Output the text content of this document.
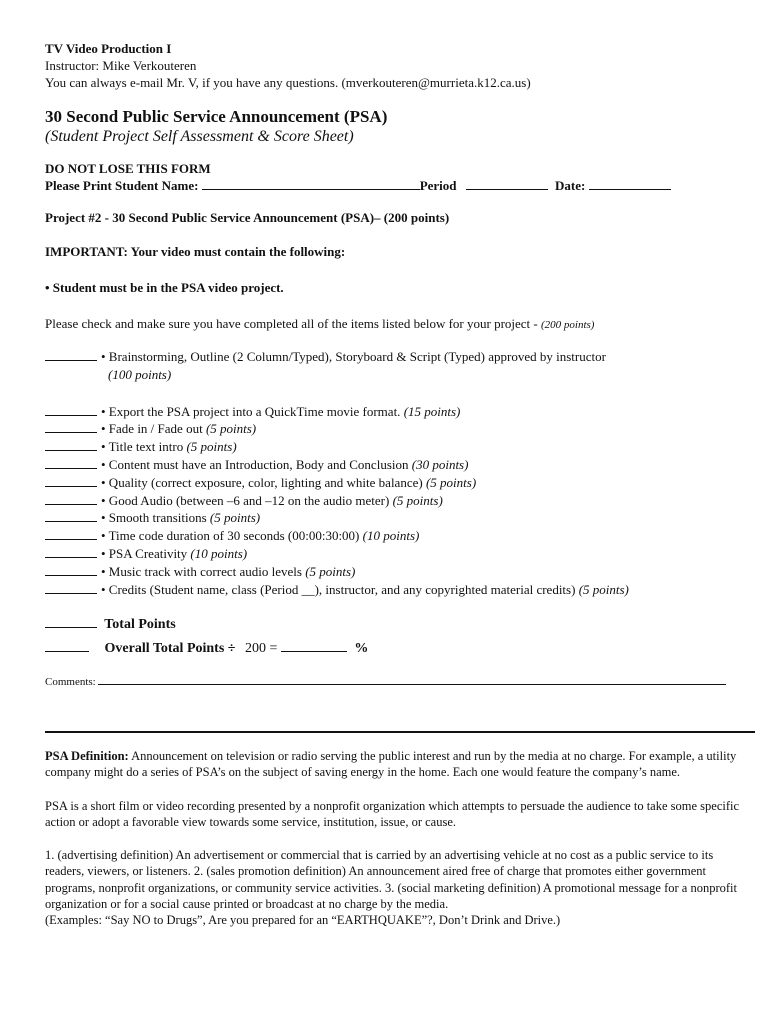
TV Video Production I
Instructor: Mike Verkouteren
You can always e-mail Mr. V, if you have any questions. (mverkouteren@murrieta.k12.ca.us)
30 Second Public Service Announcement (PSA)
(Student Project Self Assessment & Score Sheet)
DO NOT LOSE THIS FORM
Please Print Student Name:	Period	Date:
Project #2 - 30 Second Public Service Announcement (PSA)– (200 points)
IMPORTANT: Your video must contain the following:
• Student must be in the PSA video project.
Please check and make sure you have completed all of the items listed below for your project - (200 points)
• Brainstorming, Outline (2 Column/Typed), Storyboard & Script (Typed) approved by instructor
(100 points)
• Export the PSA project into a QuickTime movie format. (15 points)
• Fade in / Fade out (5 points)
• Title text intro (5 points)
• Content must have an Introduction, Body and Conclusion (30 points)
• Quality (correct exposure, color, lighting and white balance) (5 points)
• Good Audio (between –6 and –12 on the audio meter) (5 points)
• Smooth transitions (5 points)
• Time code duration of 30 seconds (00:00:30:00) (10 points)
• PSA Creativity (10 points)
• Music track with correct audio levels (5 points)
• Credits (Student name, class (Period __), instructor, and any copyrighted material credits) (5 points)
Total Points
Overall Total Points ÷ 200 =	%
Comments:
PSA Definition: Announcement on television or radio serving the public interest and run by the media at no charge. For example, a utility company might do a series of PSA’s on the subject of saving energy in the home. Each one would feature the company’s name.
PSA is a short film or video recording presented by a nonprofit organization which attempts to persuade the audience to take some specific action or adopt a favorable view towards some service, institution, issue, or cause.
1. (advertising definition) An advertisement or commercial that is carried by an advertising vehicle at no cost as a public service to its readers, viewers, or listeners. 2. (sales promotion definition) An announcement aired free of charge that promotes either government programs, nonprofit organizations, or community service activities. 3. (social marketing definition) A promotional message for a nonprofit organization or for a social cause printed or broadcast at no charge by the media.
(Examples: “Say NO to Drugs”, Are you prepared for an “EARTHQUAKE”?, Don’t Drink and Drive.)
